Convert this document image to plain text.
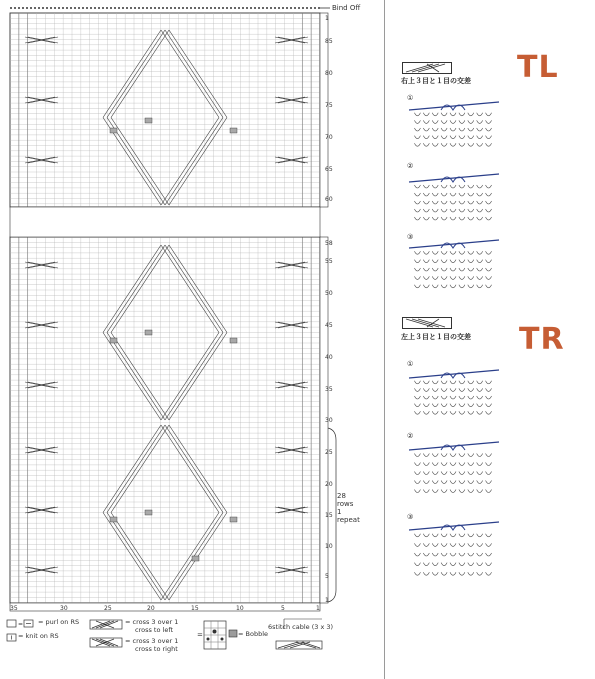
Bind Off
1
85
80
75
70
65
60
58
55
50
45
40
35
30
25
20
15
10
5
1
35	30	25	20	15	10	5	1
28
rows
1
repeat
=
=
= purl on RS
= knit on RS
= cross 3 over 1
cross to left
= cross 3 over 1
cross to right
= Bobble
6stitch cable (3 x 3)
TL
右上３目と１目の交差
①
②
③
TR
左上３目と１目の交差
①
②
③
